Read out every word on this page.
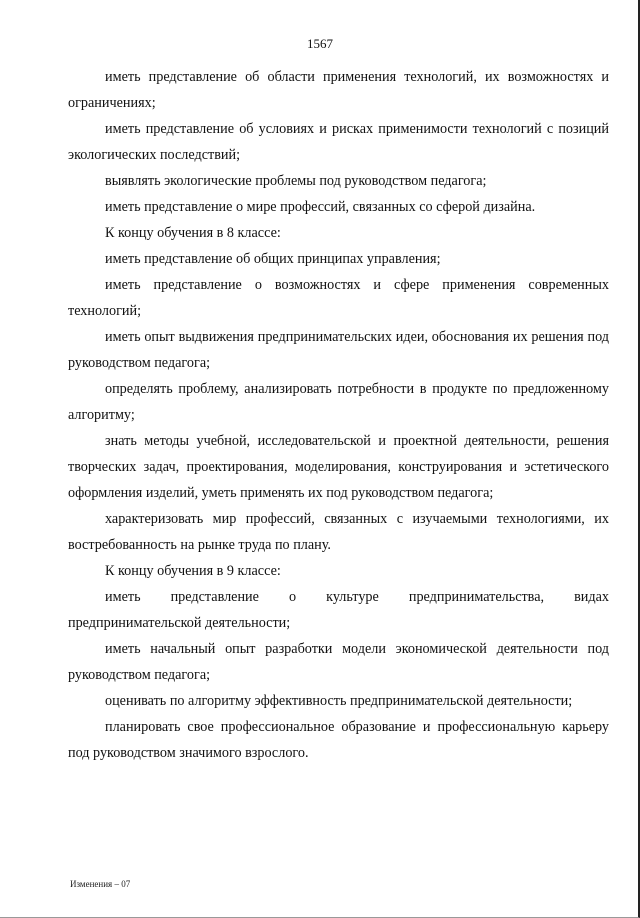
1567

иметь представление об области применения технологий, их возможностях и ограничениях;

иметь представление об условиях и рисках применимости технологий с позиций экологических последствий;

выявлять экологические проблемы под руководством педагога;

иметь представление о мире профессий, связанных со сферой дизайна.

К концу обучения в 8 классе:

иметь представление об общих принципах управления;

иметь представление о возможностях и сфере применения современных технологий;

иметь опыт выдвижения предпринимательских идеи, обоснования их решения под руководством педагога;

определять проблему, анализировать потребности в продукте по предложенному алгоритму;

знать методы учебной, исследовательской и проектной деятельности, решения творческих задач, проектирования, моделирования, конструирования и эстетического оформления изделий, уметь применять их под руководством педагога;

характеризовать мир профессий, связанных с изучаемыми технологиями, их востребованность на рынке труда по плану.

К концу обучения в 9 классе:

иметь представление о культуре предпринимательства, видах предпринимательской деятельности;

иметь начальный опыт разработки модели экономической деятельности под руководством педагога;

оценивать по алгоритму эффективность предпринимательской деятельности;

планировать свое профессиональное образование и профессиональную карьеру под руководством значимого взрослого.

Изменения – 07
